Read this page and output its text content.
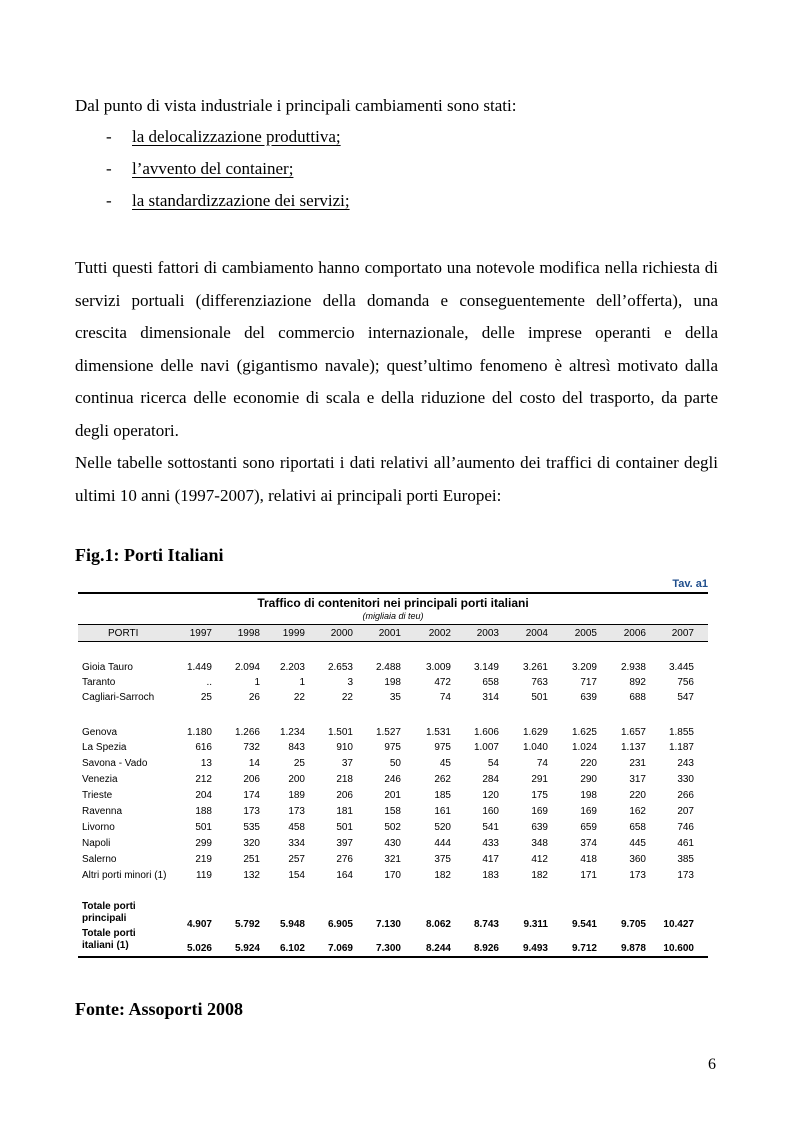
Dal punto di vista industriale i principali cambiamenti sono stati:
- la delocalizzazione produttiva;
- l’avvento del container;
- la standardizzazione dei servizi;

Tutti questi fattori di cambiamento hanno comportato una notevole modifica nella richiesta di servizi portuali (differenziazione della domanda e conseguentemente dell’offerta), una crescita dimensionale del commercio internazionale, delle imprese operanti e della dimensione delle navi (gigantismo navale); quest’ultimo fenomeno è altresì motivato dalla continua ricerca delle economie di scala e della riduzione del costo del trasporto, da parte degli operatori.

Nelle tabelle sottostanti sono riportati i dati relativi all’aumento dei traffici di container degli ultimi 10 anni (1997-2007), relativi ai principali porti Europei:

Fig.1: Porti Italiani
Tav. a1
Traffico di contenitori nei principali porti italiani
(migliaia di teu)
PORTI	1997	1998	1999	2000	2001	2002	2003	2004	2005	2006	2007
Gioia Tauro	1.449	2.094	2.203	2.653	2.488	3.009	3.149	3.261	3.209	2.938	3.445
Taranto	..	1	1	3	198	472	658	763	717	892	756
Cagliari-Sarroch	25	26	22	22	35	74	314	501	639	688	547
Genova	1.180	1.266	1.234	1.501	1.527	1.531	1.606	1.629	1.625	1.657	1.855
La Spezia	616	732	843	910	975	975	1.007	1.040	1.024	1.137	1.187
Savona - Vado	13	14	25	37	50	45	54	74	220	231	243
Venezia	212	206	200	218	246	262	284	291	290	317	330
Trieste	204	174	189	206	201	185	120	175	198	220	266
Ravenna	188	173	173	181	158	161	160	169	169	162	207
Livorno	501	535	458	501	502	520	541	639	659	658	746
Napoli	299	320	334	397	430	444	433	348	374	445	461
Salerno	219	251	257	276	321	375	417	412	418	360	385
Altri porti minori (1)	119	132	154	164	170	182	183	182	171	173	173
Totale porti
principali
4.907	5.792	5.948	6.905	7.130	8.062	8.743	9.311	9.541	9.705	10.427
Totale porti
italiani (1)	5.026	5.924	6.102	7.069	7.300	8.244	8.926	9.493	9.712	9.878	10.600
Fonte: Assoporti 2008
6
